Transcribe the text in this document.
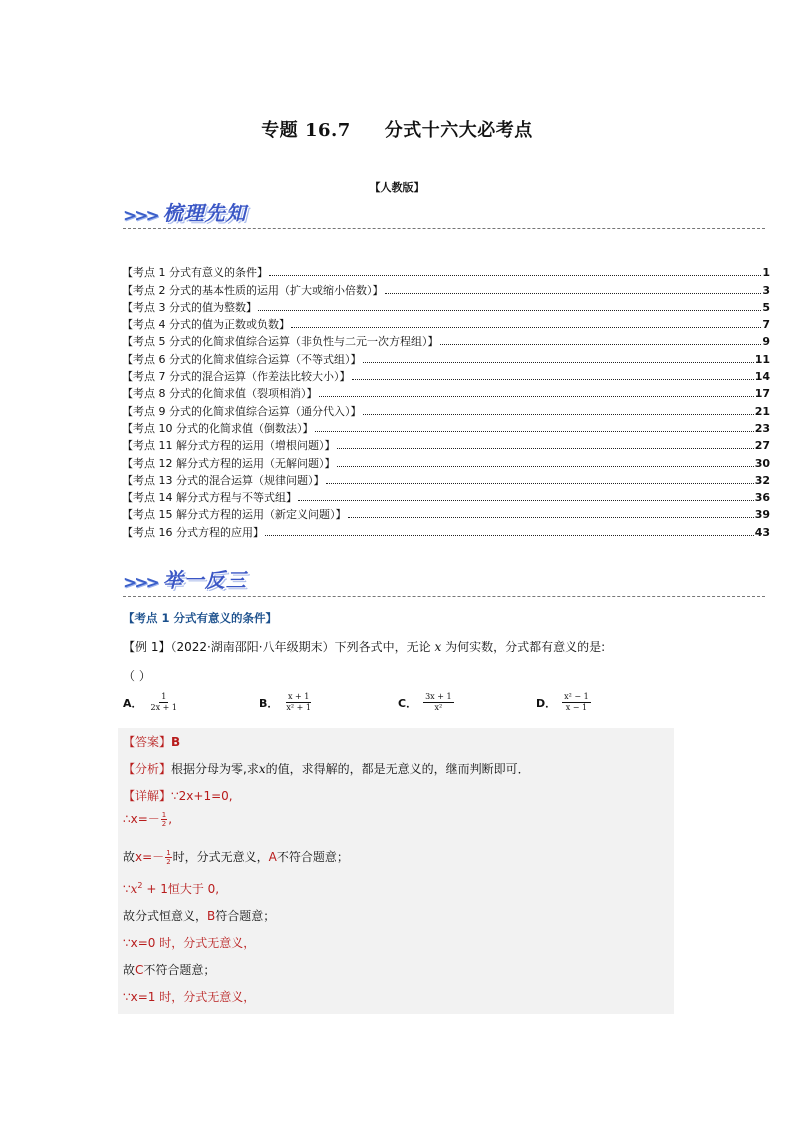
专题 16.7 分式十六大必考点
【人教版】
>>> 梳理先知
【考点 1 分式有意义的条件】	1
【考点 2 分式的基本性质的运用（扩大或缩小倍数）】	3
【考点 3 分式的值为整数】	5
【考点 4 分式的值为正数或负数】	7
【考点 5 分式的化简求值综合运算（非负性与二元一次方程组）】	9
【考点 6 分式的化简求值综合运算（不等式组）】	11
【考点 7 分式的混合运算（作差法比较大小）】	14
【考点 8 分式的化简求值（裂项相消）】	17
【考点 9 分式的化简求值综合运算（通分代入）】	21
【考点 10 分式的化简求值（倒数法）】	23
【考点 11 解分式方程的运用（增根问题）】	27
【考点 12 解分式方程的运用（无解问题）】	30
【考点 13 分式的混合运算（规律问题）】	32
【考点 14 解分式方程与不等式组】	36
【考点 15 解分式方程的运用（新定义问题）】	39
【考点 16 分式方程的应用】	43
>>> 举一反三
【考点 1 分式有意义的条件】
【例 1】（2022·湖南邵阳·八年级期末）下列各式中，无论 x 为何实数，分式都有意义的是:
（ ）
A． $\frac{1}{2x + 1}$	B． $\frac{x + 1}{\text{x² + 1}}$	C． $\frac{3x + 1}{\text{x²}}$	D． $\frac{\text{x² − 1}}{x - 1}$
【答案】B
【分析】根据分母为零,求x的值，求得解的，都是无意义的，继而判断即可．
【详解】∵2x+1=0,
∴x=－ $\frac{1}{2}$ ,
故$x=- \frac{1}{2}$ 时，分式无意义，A不符合题意；
$\because x^2 + 1$恒大于 0,
故分式恒意义，B符合题意；
∵x=0 时，分式无意义，
故C不符合题意；
∵x=1 时，分式无意义，
